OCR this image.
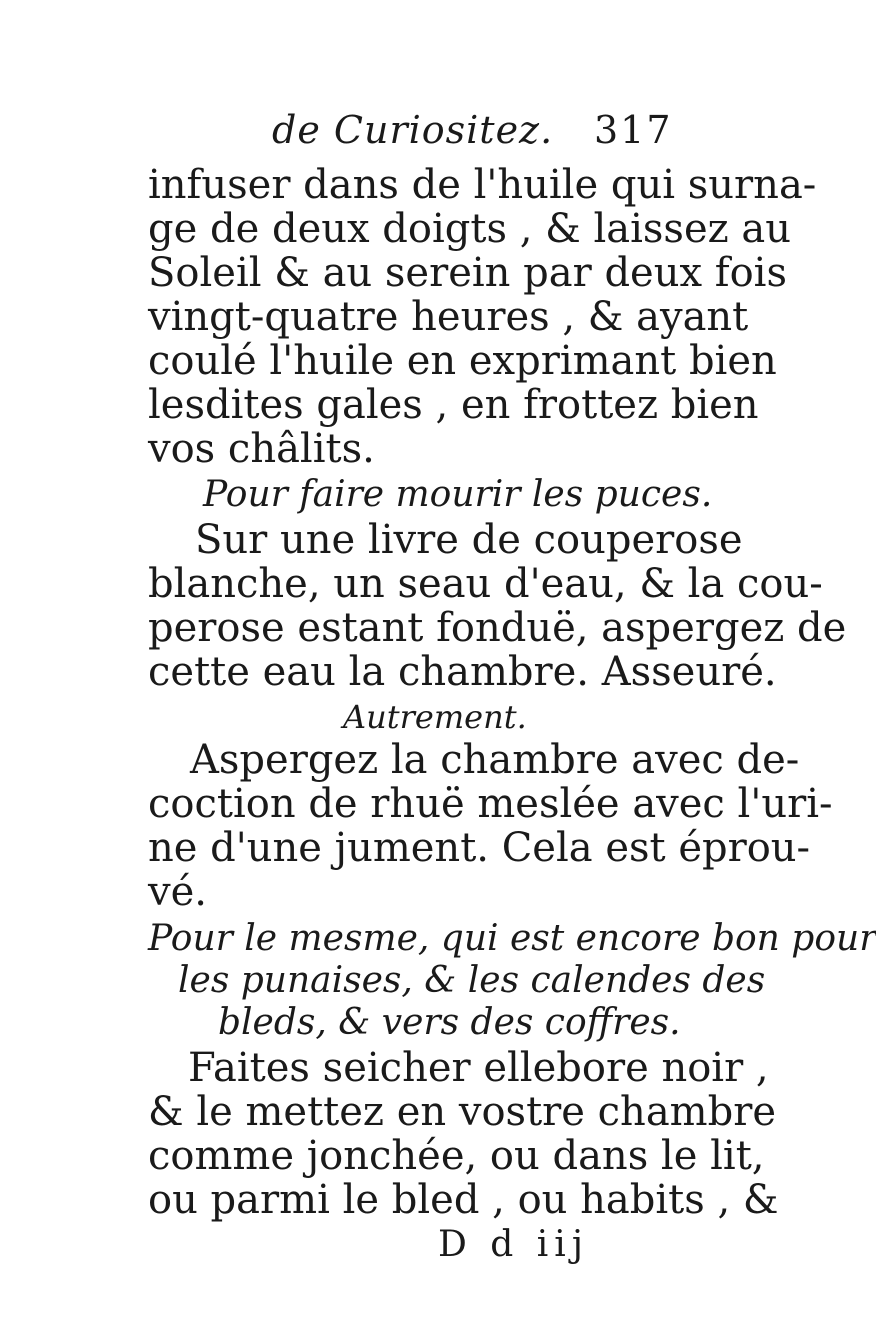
de Curiositez. 317
infuser dans de l'huile qui surna-
ge de deux doigts , & laissez au
Soleil & au serein par deux fois
vingt-quatre heures , & ayant
coulé l'huile en exprimant bien
lesdites gales , en frottez bien
vos châlits.
Pour faire mourir les puces.
Sur une livre de couperose
blanche, un seau d'eau, & la cou-
perose estant fonduë, aspergez de
cette eau la chambre. Asseuré.
Autrement.
Aspergez la chambre avec de-
coction de rhuë meslée avec l'uri-
ne d'une jument. Cela est éprou-
vé.
Pour le mesme, qui est encore bon pour
les punaises, & les calendes des
bleds, & vers des coffres.
Faites seicher ellebore noir ,
& le mettez en vostre chambre
comme jonchée, ou dans le lit,
ou parmi le bled , ou habits , &
D d iij
